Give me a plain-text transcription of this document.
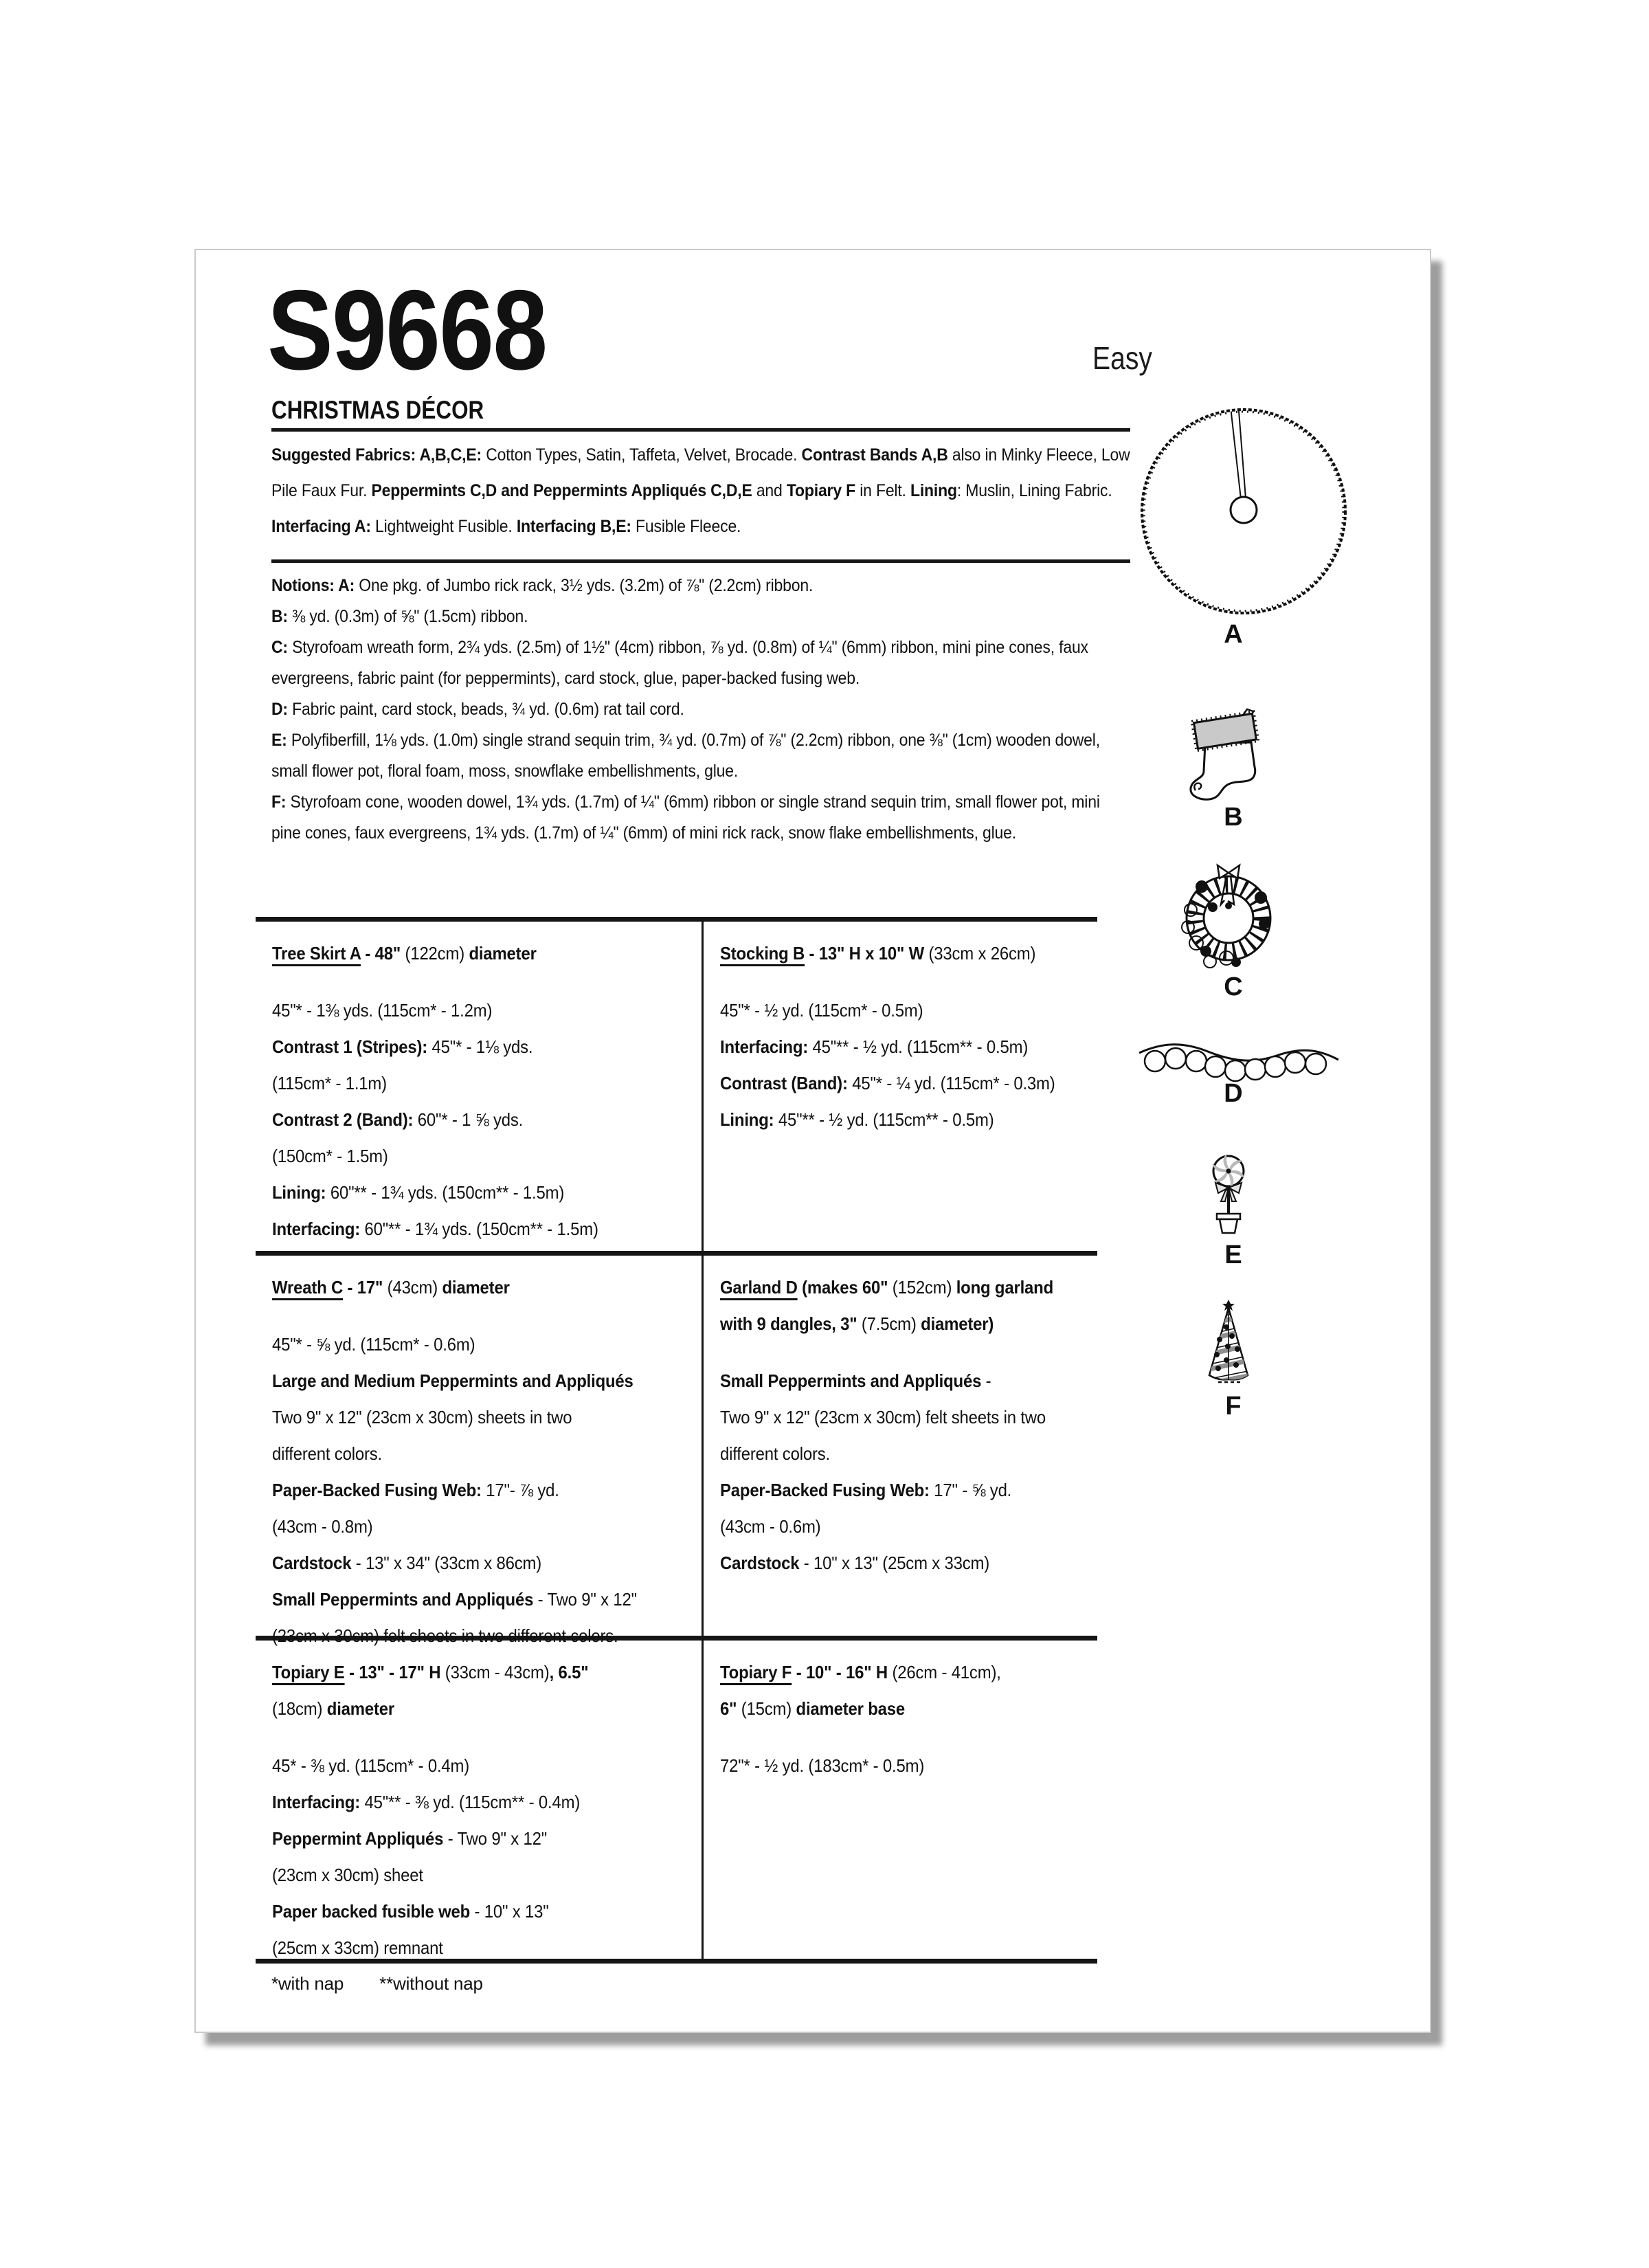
S9668	Easy
CHRISTMAS DÉCOR
Suggested Fabrics: A,B,C,E: Cotton Types, Satin, Taffeta, Velvet, Brocade. Contrast Bands A,B also in Minky Fleece, Low Pile Faux Fur. Peppermints C,D and Peppermints Appliqués C,D,E and Topiary F in Felt. Lining: Muslin, Lining Fabric. Interfacing A: Lightweight Fusible. Interfacing B,E: Fusible Fleece.
Notions: A: One pkg. of Jumbo rick rack, 3½ yds. (3.2m) of ⅞" (2.2cm) ribbon.
B: ⅜ yd. (0.3m) of ⅝" (1.5cm) ribbon.
C: Styrofoam wreath form, 2¾ yds. (2.5m) of 1½" (4cm) ribbon, ⅞ yd. (0.8m) of ¼" (6mm) ribbon, mini pine cones, faux evergreens, fabric paint (for peppermints), card stock, glue, paper-backed fusing web.
D: Fabric paint, card stock, beads, ¾ yd. (0.6m) rat tail cord.
E: Polyfiberfill, 1⅛ yds. (1.0m) single strand sequin trim, ¾ yd. (0.7m) of ⅞" (2.2cm) ribbon, one ⅜" (1cm) wooden dowel, small flower pot, floral foam, moss, snowflake embellishments, glue.
F: Styrofoam cone, wooden dowel, 1¾ yds. (1.7m) of ¼" (6mm) ribbon or single strand sequin trim, small flower pot, mini pine cones, faux evergreens, 1¾ yds. (1.7m) of ¼" (6mm) of mini rick rack, snow flake embellishments, glue.
Tree Skirt A - 48" (122cm) diameter
45"* - 1⅜ yds. (115cm* - 1.2m)
Contrast 1 (Stripes): 45"* - 1⅛ yds.
(115cm* - 1.1m)
Contrast 2 (Band): 60"* - 1 ⅝ yds.
(150cm* - 1.5m)
Lining: 60"** - 1¾ yds. (150cm** - 1.5m)
Interfacing: 60"** - 1¾ yds. (150cm** - 1.5m)
Stocking B - 13" H x 10" W (33cm x 26cm)
45"* - ½ yd. (115cm* - 0.5m)
Interfacing: 45"** - ½ yd. (115cm** - 0.5m)
Contrast (Band): 45"* - ¼ yd. (115cm* - 0.3m)
Lining: 45"** - ½ yd. (115cm** - 0.5m)
Wreath C - 17" (43cm) diameter
45"* - ⅝ yd. (115cm* - 0.6m)
Large and Medium Peppermints and Appliqués
Two 9" x 12" (23cm x 30cm) sheets in two
different colors.
Paper-Backed Fusing Web: 17"- ⅞ yd.
(43cm - 0.8m)
Cardstock - 13" x 34" (33cm x 86cm)
Small Peppermints and Appliqués - Two 9" x 12"
(23cm x 30cm) felt sheets in two different colors.
Garland D (makes 60" (152cm) long garland
with 9 dangles, 3" (7.5cm) diameter)
Small Peppermints and Appliqués -
Two 9" x 12" (23cm x 30cm) felt sheets in two
different colors.
Paper-Backed Fusing Web: 17" - ⅝ yd.
(43cm - 0.6m)
Cardstock - 10" x 13" (25cm x 33cm)
Topiary E - 13" - 17" H (33cm - 43cm), 6.5"
(18cm) diameter
45* - ⅜ yd. (115cm* - 0.4m)
Interfacing: 45"** - ⅜ yd. (115cm** - 0.4m)
Peppermint Appliqués - Two 9" x 12"
(23cm x 30cm) sheet
Paper backed fusible web - 10" x 13"
(25cm x 33cm) remnant
Topiary F - 10" - 16" H (26cm - 41cm),
6" (15cm) diameter base
72"* - ½ yd. (183cm* - 0.5m)
*with nap **without nap
A
B
C
D
E
F
